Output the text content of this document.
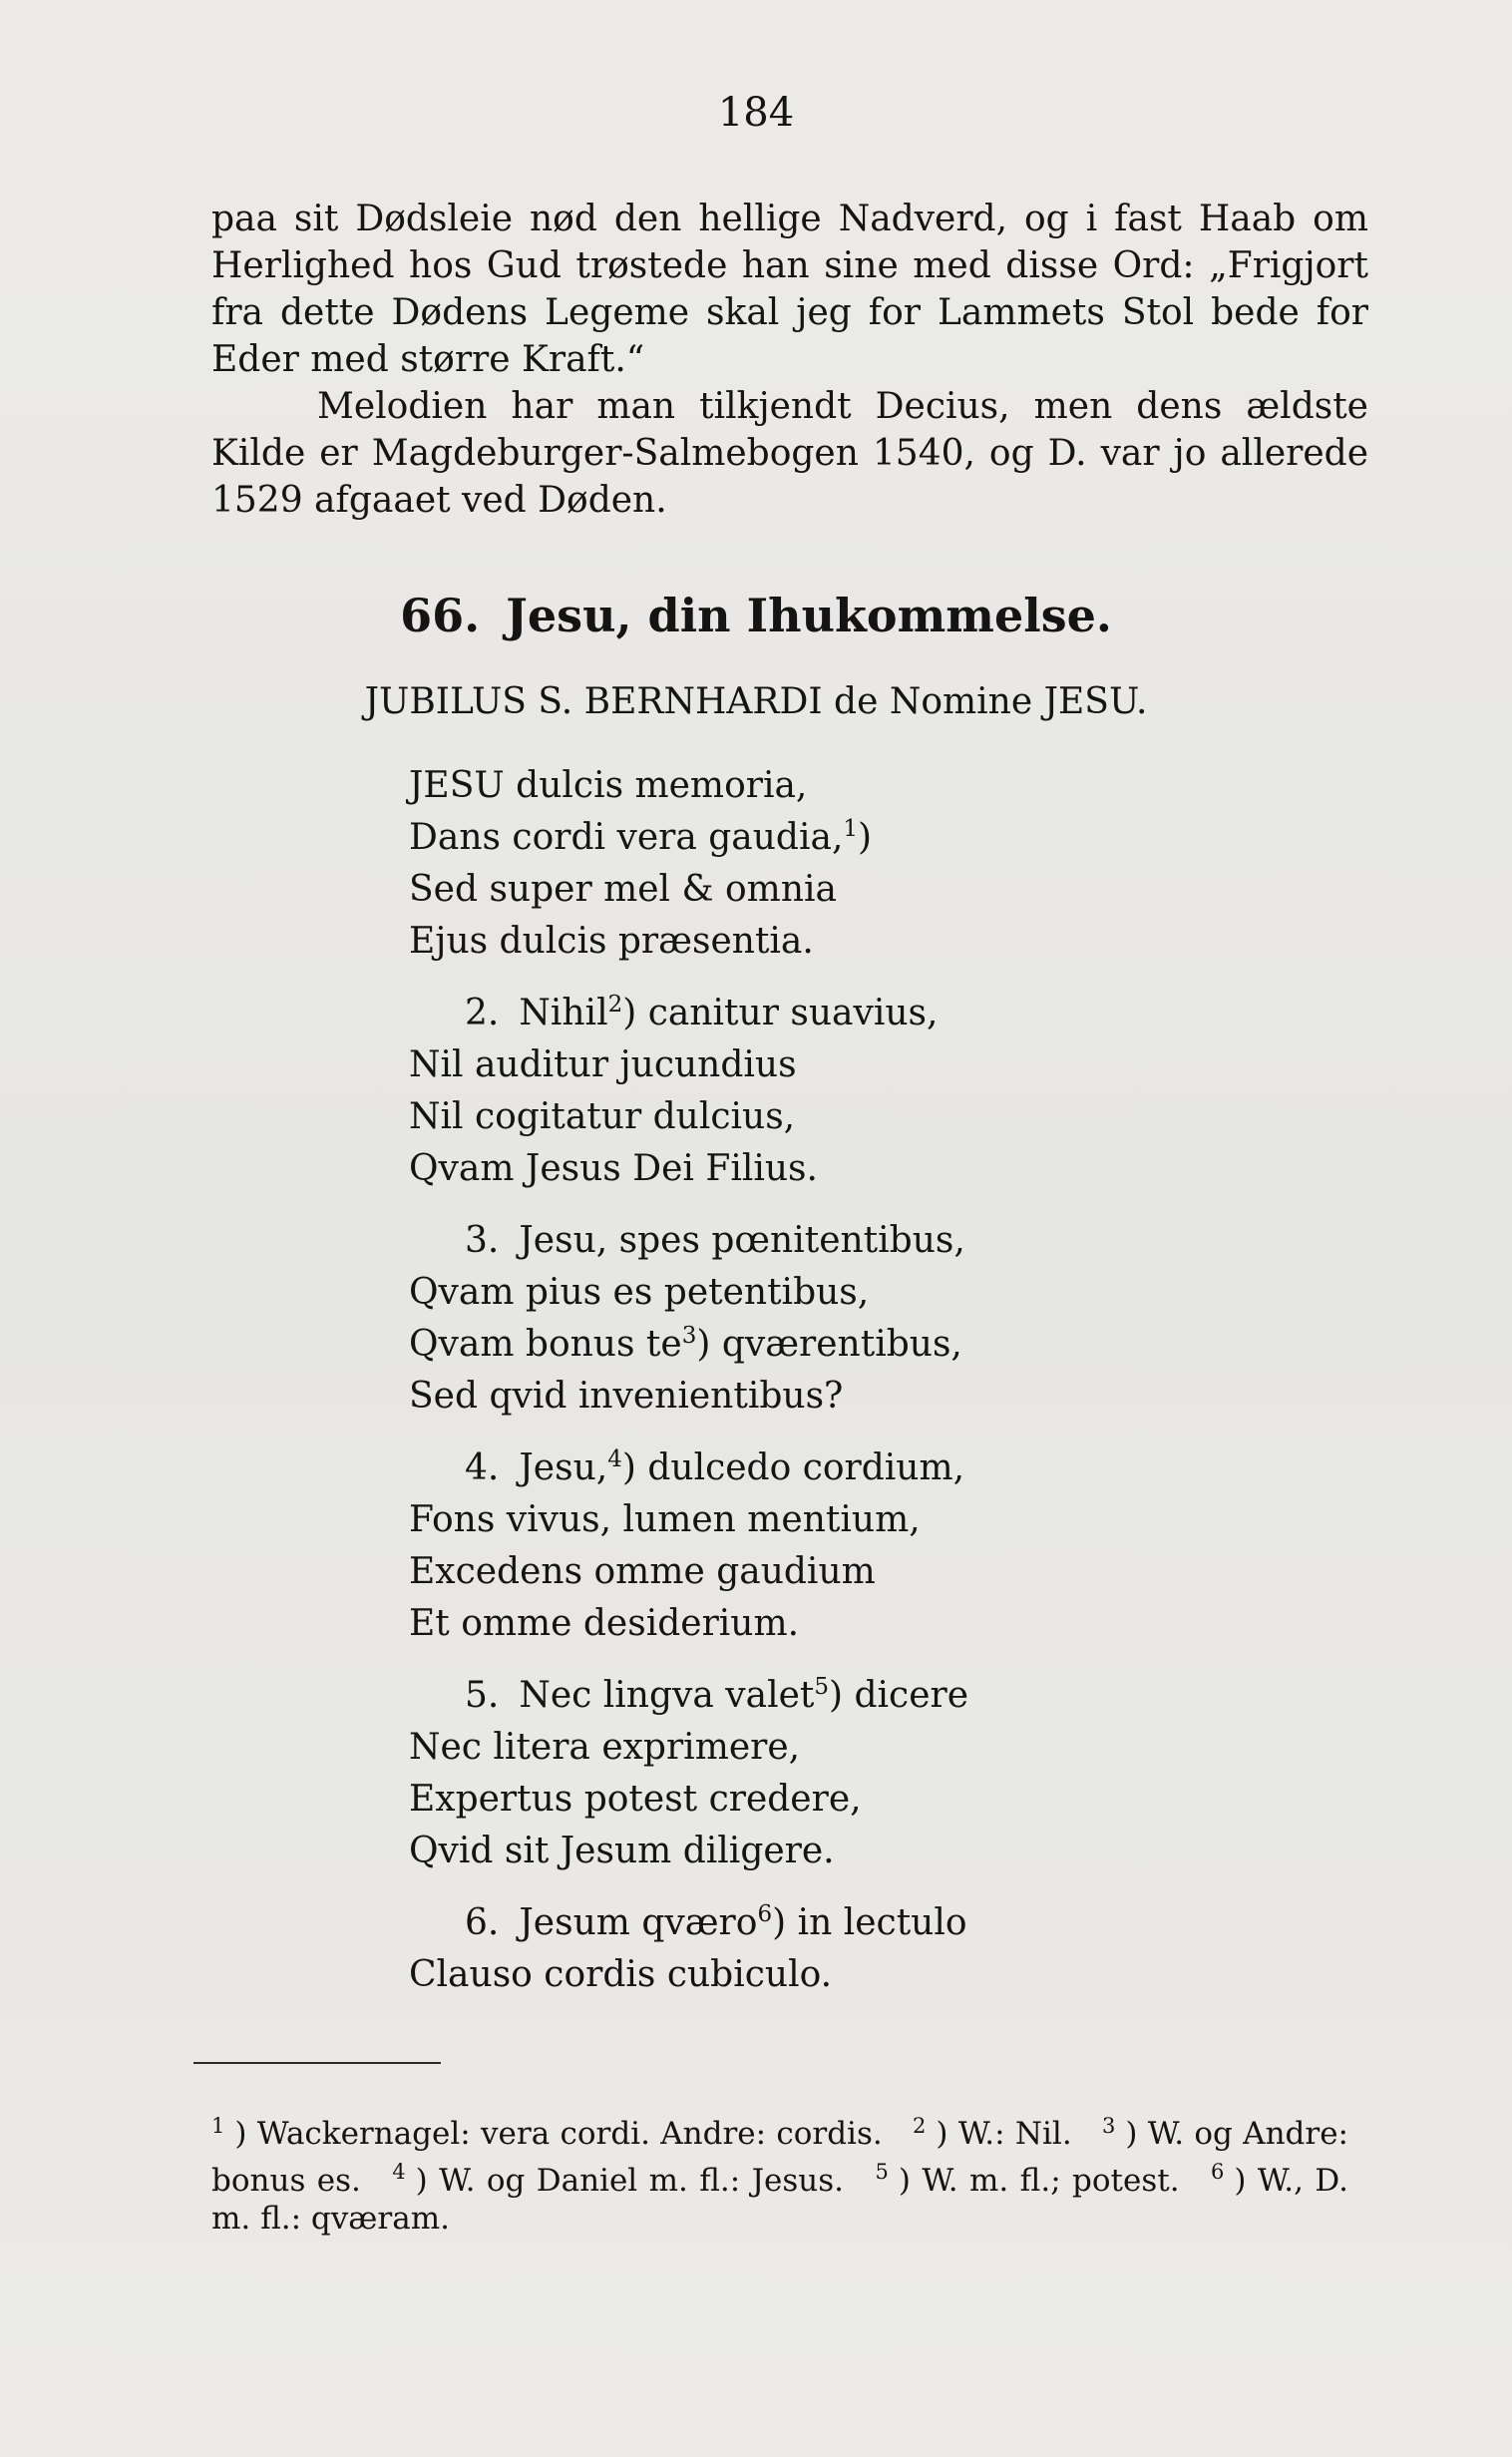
184

paa sit Dødsleie nød den hellige Nadverd, og i fast Haab om Herlighed hos Gud trøstede han sine med disse Ord: „Frigjort fra dette Dødens Legeme skal jeg for Lammets Stol bede for Eder med større Kraft.“

Melodien har man tilkjendt Decius, men dens ældste Kilde er Magdeburger-Salmebogen 1540, og D. var jo allerede 1529 afgaaet ved Døden.

66. Jesu, din Ihukommelse.
JUBILUS S. BERNHARDI de Nomine JESU.
JESU dulcis memoria,
Dans cordi vera gaudia,$^1$)
Sed super mel & omnia
Ejus dulcis præsentia.
2. Nihil$^2$) canitur suavius,
Nil auditur jucundius
Nil cogitatur dulcius,
Qvam Jesus Dei Filius.
3. Jesu, spes pœnitentibus,
Qvam pius es petentibus,
Qvam bonus $te^3$) qværentibus,
Sed qvid invenientibus?
4. Jesu,$^4$) dulcedo cordium,
Fons vivus, lumen mentium,
Excedens omme gaudium
Et omme desiderium.
5. Nec lingva valet$^5$) dicere
Nec litera exprimere,
Expertus potest credere,
Qvid sit Jesum diligere.
6. Jesum qværo$^6$) in lectulo
Clauso cordis cubiculo.
$^1$ ) Wackernagel: vera cordi. Andre: cordis. $^2$ ) W.: Nil. $^3$ ) W. og Andre: bonus es. $^4$ ) W. og Daniel m. fl.: Jesus. $^5$ ) W. m. fl.; potest. $^6$ ) W., D. m. fl.: qværam.
